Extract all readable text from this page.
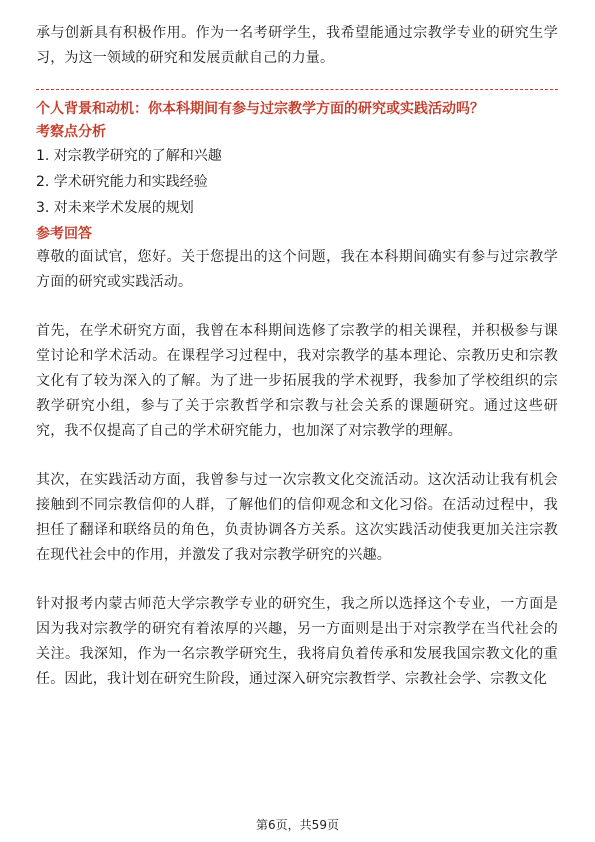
承与创新具有积极作用。作为一名考研学生，我希望能通过宗教学专业的研究生学习，为这一领域的研究和发展贡献自己的力量。

个人背景和动机：你本科期间有参与过宗教学方面的研究或实践活动吗？

考察点分析

1. 对宗教学研究的了解和兴趣
2. 学术研究能力和实践经验
3. 对未来学术发展的规划

参考回答

尊敬的面试官，您好。关于您提出的这个问题，我在本科期间确实有参与过宗教学方面的研究或实践活动。

首先，在学术研究方面，我曾在本科期间选修了宗教学的相关课程，并积极参与课堂讨论和学术活动。在课程学习过程中，我对宗教学的基本理论、宗教历史和宗教文化有了较为深入的了解。为了进一步拓展我的学术视野，我参加了学校组织的宗教学研究小组，参与了关于宗教哲学和宗教与社会关系的课题研究。通过这些研究，我不仅提高了自己的学术研究能力，也加深了对宗教学的理解。

其次，在实践活动方面，我曾参与过一次宗教文化交流活动。这次活动让我有机会接触到不同宗教信仰的人群，了解他们的信仰观念和文化习俗。在活动过程中，我担任了翻译和联络员的角色，负责协调各方关系。这次实践活动使我更加关注宗教在现代社会中的作用，并激发了我对宗教学研究的兴趣。

针对报考内蒙古师范大学宗教学专业的研究生，我之所以选择这个专业，一方面是因为我对宗教学的研究有着浓厚的兴趣，另一方面则是出于对宗教学在当代社会的关注。我深知，作为一名宗教学研究生，我将肩负着传承和发展我国宗教文化的重任。因此，我计划在研究生阶段，通过深入研究宗教哲学、宗教社会学、宗教文化

第6页，共59页
